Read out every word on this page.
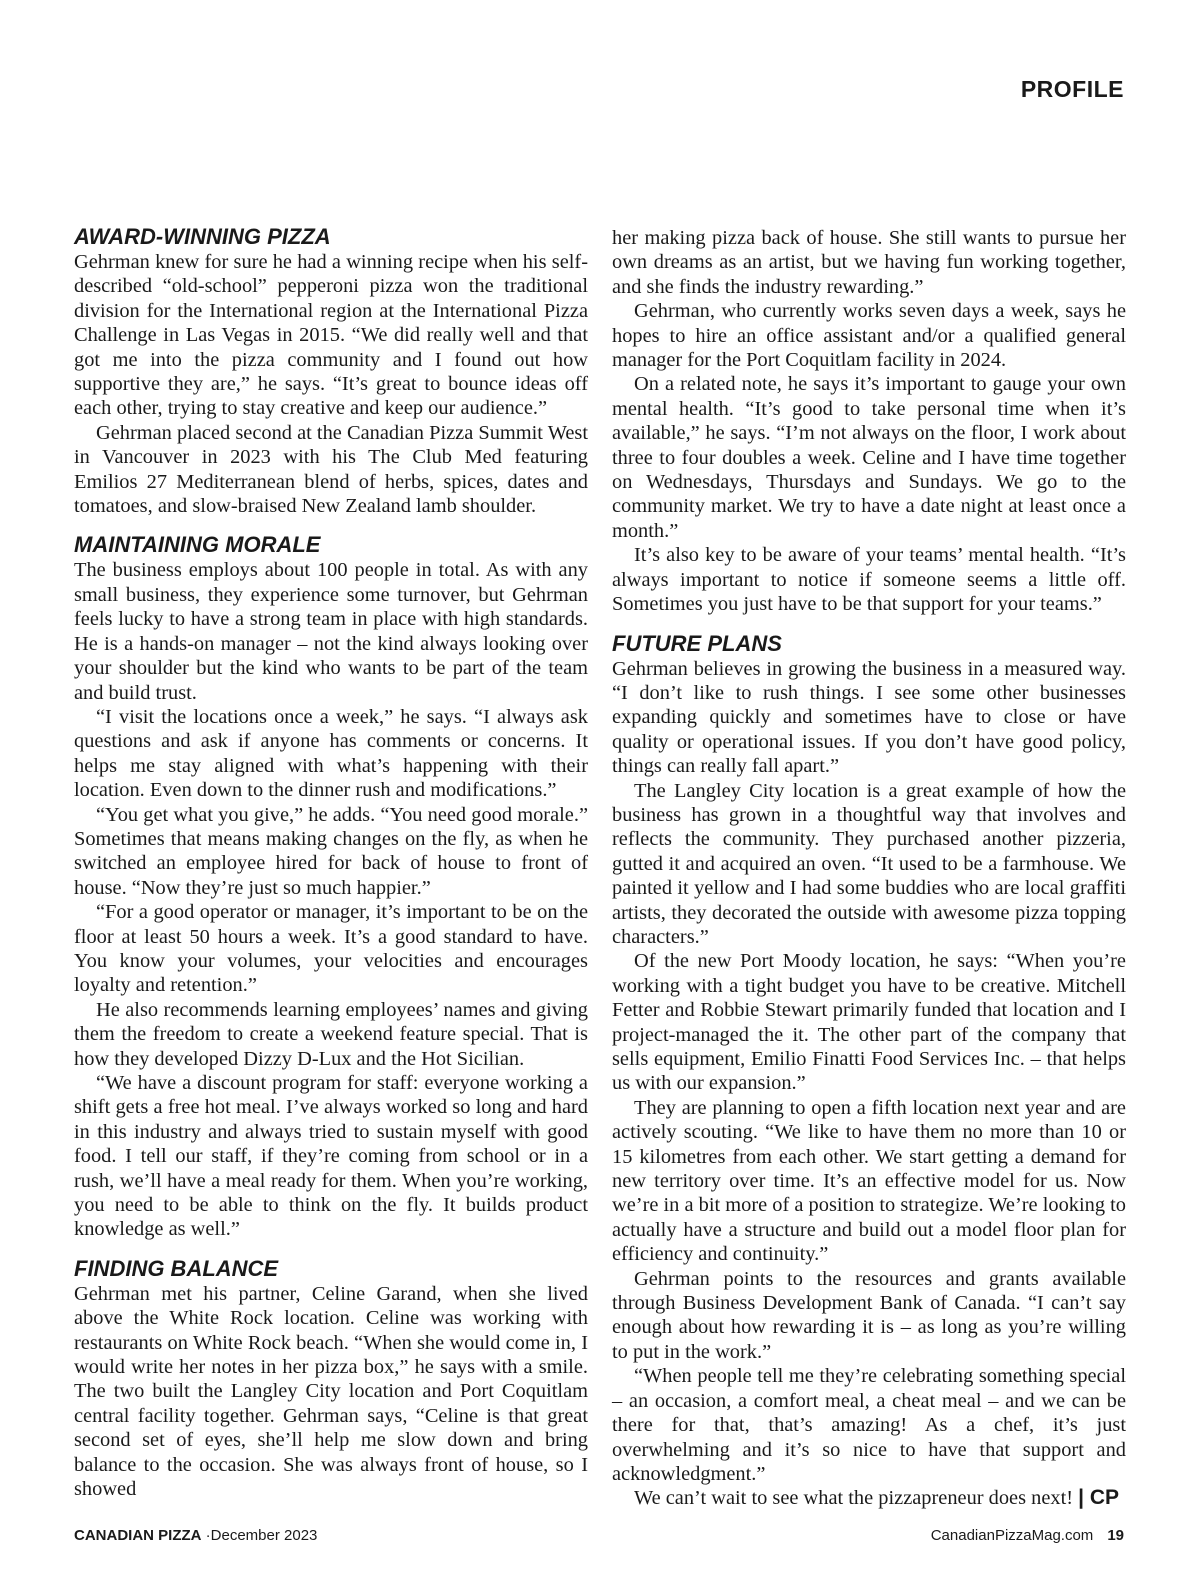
PROFILE
AWARD-WINNING PIZZA

Gehrman knew for sure he had a winning recipe when his self-described “old-school” pepperoni pizza won the traditional division for the International region at the International Pizza Challenge in Las Vegas in 2015. “We did really well and that got me into the pizza community and I found out how supportive they are,” he says. “It’s great to bounce ideas off each other, trying to stay creative and keep our audience.”

Gehrman placed second at the Canadian Pizza Summit West in Vancouver in 2023 with his The Club Med featuring Emilios 27 Mediterranean blend of herbs, spices, dates and tomatoes, and slow-braised New Zealand lamb shoulder.

MAINTAINING MORALE

The business employs about 100 people in total. As with any small business, they experience some turnover, but Gehrman feels lucky to have a strong team in place with high standards. He is a hands-on manager – not the kind always looking over your shoulder but the kind who wants to be part of the team and build trust.

“I visit the locations once a week,” he says. “I always ask questions and ask if anyone has comments or concerns. It helps me stay aligned with what’s happening with their location. Even down to the dinner rush and modifications.”

“You get what you give,” he adds. “You need good morale.” Sometimes that means making changes on the fly, as when he switched an employee hired for back of house to front of house. “Now they’re just so much happier.”

“For a good operator or manager, it’s important to be on the floor at least 50 hours a week. It’s a good standard to have. You know your volumes, your velocities and encourages loyalty and retention.”

He also recommends learning employees’ names and giving them the freedom to create a weekend feature special. That is how they developed Dizzy D-Lux and the Hot Sicilian.

“We have a discount program for staff: everyone working a shift gets a free hot meal. I’ve always worked so long and hard in this industry and always tried to sustain myself with good food. I tell our staff, if they’re coming from school or in a rush, we’ll have a meal ready for them. When you’re working, you need to be able to think on the fly. It builds product knowledge as well.”

FINDING BALANCE

Gehrman met his partner, Celine Garand, when she lived above the White Rock location. Celine was working with restaurants on White Rock beach. “When she would come in, I would write her notes in her pizza box,” he says with a smile. The two built the Langley City location and Port Coquitlam central facility together. Gehrman says, “Celine is that great second set of eyes, she’ll help me slow down and bring balance to the occasion. She was always front of house, so I showed

her making pizza back of house. She still wants to pursue her own dreams as an artist, but we having fun working together, and she finds the industry rewarding.”

Gehrman, who currently works seven days a week, says he hopes to hire an office assistant and/or a qualified general manager for the Port Coquitlam facility in 2024.

On a related note, he says it’s important to gauge your own mental health. “It’s good to take personal time when it’s available,” he says. “I’m not always on the floor, I work about three to four doubles a week. Celine and I have time together on Wednesdays, Thursdays and Sundays. We go to the community market. We try to have a date night at least once a month.”

It’s also key to be aware of your teams’ mental health. “It’s always important to notice if someone seems a little off. Sometimes you just have to be that support for your teams.”

FUTURE PLANS

Gehrman believes in growing the business in a measured way. “I don’t like to rush things. I see some other businesses expanding quickly and sometimes have to close or have quality or operational issues. If you don’t have good policy, things can really fall apart.”

The Langley City location is a great example of how the business has grown in a thoughtful way that involves and reflects the community. They purchased another pizzeria, gutted it and acquired an oven. “It used to be a farmhouse. We painted it yellow and I had some buddies who are local graffiti artists, they decorated the outside with awesome pizza topping characters.”

Of the new Port Moody location, he says: “When you’re working with a tight budget you have to be creative. Mitchell Fetter and Robbie Stewart primarily funded that location and I project-managed the it. The other part of the company that sells equipment, Emilio Finatti Food Services Inc. – that helps us with our expansion.”

They are planning to open a fifth location next year and are actively scouting. “We like to have them no more than 10 or 15 kilometres from each other. We start getting a demand for new territory over time. It’s an effective model for us. Now we’re in a bit more of a position to strategize. We’re looking to actually have a structure and build out a model floor plan for efficiency and continuity.”

Gehrman points to the resources and grants available through Business Development Bank of Canada. “I can’t say enough about how rewarding it is – as long as you’re willing to put in the work.”

“When people tell me they’re celebrating something special – an occasion, a comfort meal, a cheat meal – and we can be there for that, that’s amazing! As a chef, it’s just overwhelming and it’s so nice to have that support and acknowledgment.”

We can’t wait to see what the pizzapreneur does next! | CP

CANADIAN PIZZA ·December 2023	CanadianPizzaMag.com 19
